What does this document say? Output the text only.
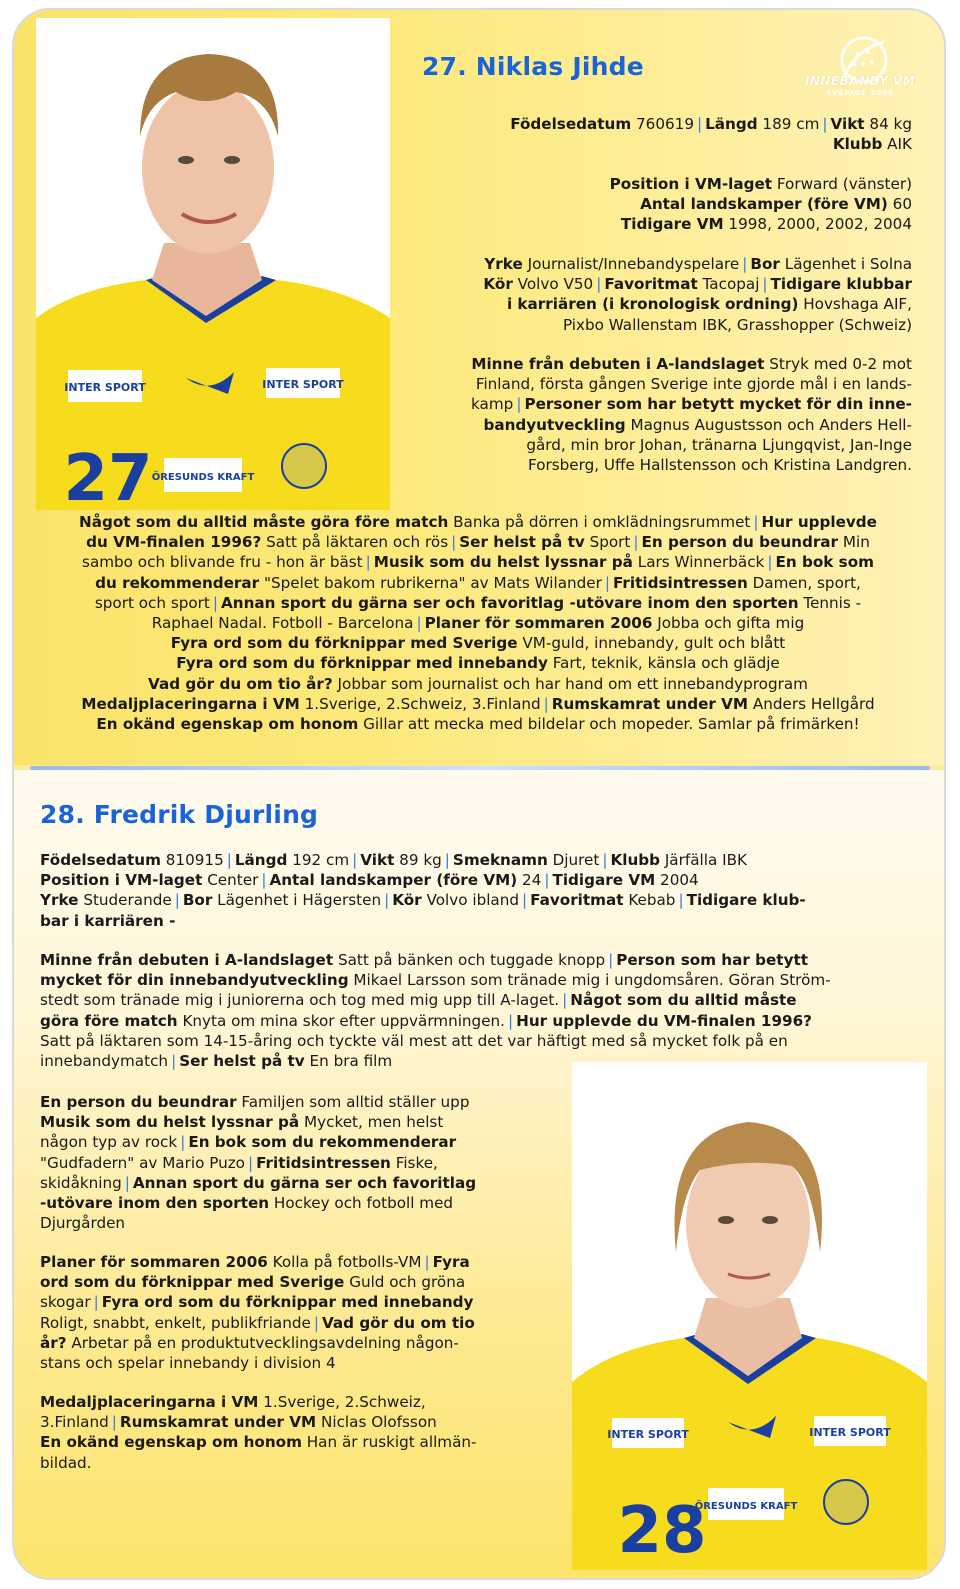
INNEBANDY VM
SVERIGE 2006
INTER SPORT	INTER SPORT
ÖRESUNDS KRAFT
27
27. Niklas Jihde
Födelsedatum 760619 | Längd 189 cm | Vikt 84 kg
Klubb AIK
Position i VM-laget Forward (vänster)
Antal landskamper (före VM) 60
Tidigare VM 1998, 2000, 2002, 2004
Yrke Journalist/Innebandyspelare | Bor Lägenhet i Solna
Kör Volvo V50 | Favoritmat Tacopaj | Tidigare klubbar
i karriären (i kronologisk ordning) Hovshaga AIF,
Pixbo Wallenstam IBK, Grasshopper (Schweiz)
Minne från debuten i A-landslaget Stryk med 0-2 mot
Finland, första gången Sverige inte gjorde mål i en lands-
kamp | Personer som har betytt mycket för din inne-
bandyutveckling Magnus Augustsson och Anders Hell-
gård, min bror Johan, tränarna Ljungqvist, Jan-Inge
Forsberg, Uffe Hallstensson och Kristina Landgren.
Något som du alltid måste göra före match Banka på dörren i omklädningsrummet | Hur upplevde
du VM-finalen 1996? Satt på läktaren och rös | Ser helst på tv Sport | En person du beundrar Min
sambo och blivande fru - hon är bäst | Musik som du helst lyssnar på Lars Winnerbäck | En bok som
du rekommenderar "Spelet bakom rubrikerna" av Mats Wilander | Fritidsintressen Damen, sport,
sport och sport | Annan sport du gärna ser och favoritlag -utövare inom den sporten Tennis -
Raphael Nadal. Fotboll - Barcelona | Planer för sommaren 2006 Jobba och gifta mig
Fyra ord som du förknippar med Sverige VM-guld, innebandy, gult och blått
Fyra ord som du förknippar med innebandy Fart, teknik, känsla och glädje
Vad gör du om tio år? Jobbar som journalist och har hand om ett innebandyprogram
Medaljplaceringarna i VM 1.Sverige, 2.Schweiz, 3.Finland | Rumskamrat under VM Anders Hellgård
En okänd egenskap om honom Gillar att mecka med bildelar och mopeder. Samlar på frimärken!
28. Fredrik Djurling
Födelsedatum 810915 | Längd 192 cm | Vikt 89 kg | Smeknamn Djuret | Klubb Järfälla IBK
Position i VM-laget Center | Antal landskamper (före VM) 24 | Tidigare VM 2004
Yrke Studerande | Bor Lägenhet i Hägersten | Kör Volvo ibland | Favoritmat Kebab | Tidigare klub-
bar i karriären -
Minne från debuten i A-landslaget Satt på bänken och tuggade knopp | Person som har betytt
mycket för din innebandyutveckling Mikael Larsson som tränade mig i ungdomsåren. Göran Ström-
stedt som tränade mig i juniorerna och tog med mig upp till A-laget. | Något som du alltid måste
göra före match Knyta om mina skor efter uppvärmningen. | Hur upplevde du VM-finalen 1996?
Satt på läktaren som 14-15-åring och tyckte väl mest att det var häftigt med så mycket folk på en
innebandymatch | Ser helst på tv En bra film
En person du beundrar Familjen som alltid ställer upp
Musik som du helst lyssnar på Mycket, men helst
någon typ av rock | En bok som du rekommenderar
"Gudfadern" av Mario Puzo | Fritidsintressen Fiske,
skidåkning | Annan sport du gärna ser och favoritlag
-utövare inom den sporten Hockey och fotboll med
Djurgården
Planer för sommaren 2006 Kolla på fotbolls-VM | Fyra
ord som du förknippar med Sverige Guld och gröna
skogar | Fyra ord som du förknippar med innebandy
Roligt, snabbt, enkelt, publikfriande | Vad gör du om tio
år? Arbetar på en produktutvecklingsavdelning någon-
stans och spelar innebandy i division 4
Medaljplaceringarna i VM 1.Sverige, 2.Schweiz,
3.Finland | Rumskamrat under VM Niclas Olofsson
En okänd egenskap om honom Han är ruskigt allmän-
bildad.
INTER SPORT	INTER SPORT
ÖRESUNDS KRAFT
28
